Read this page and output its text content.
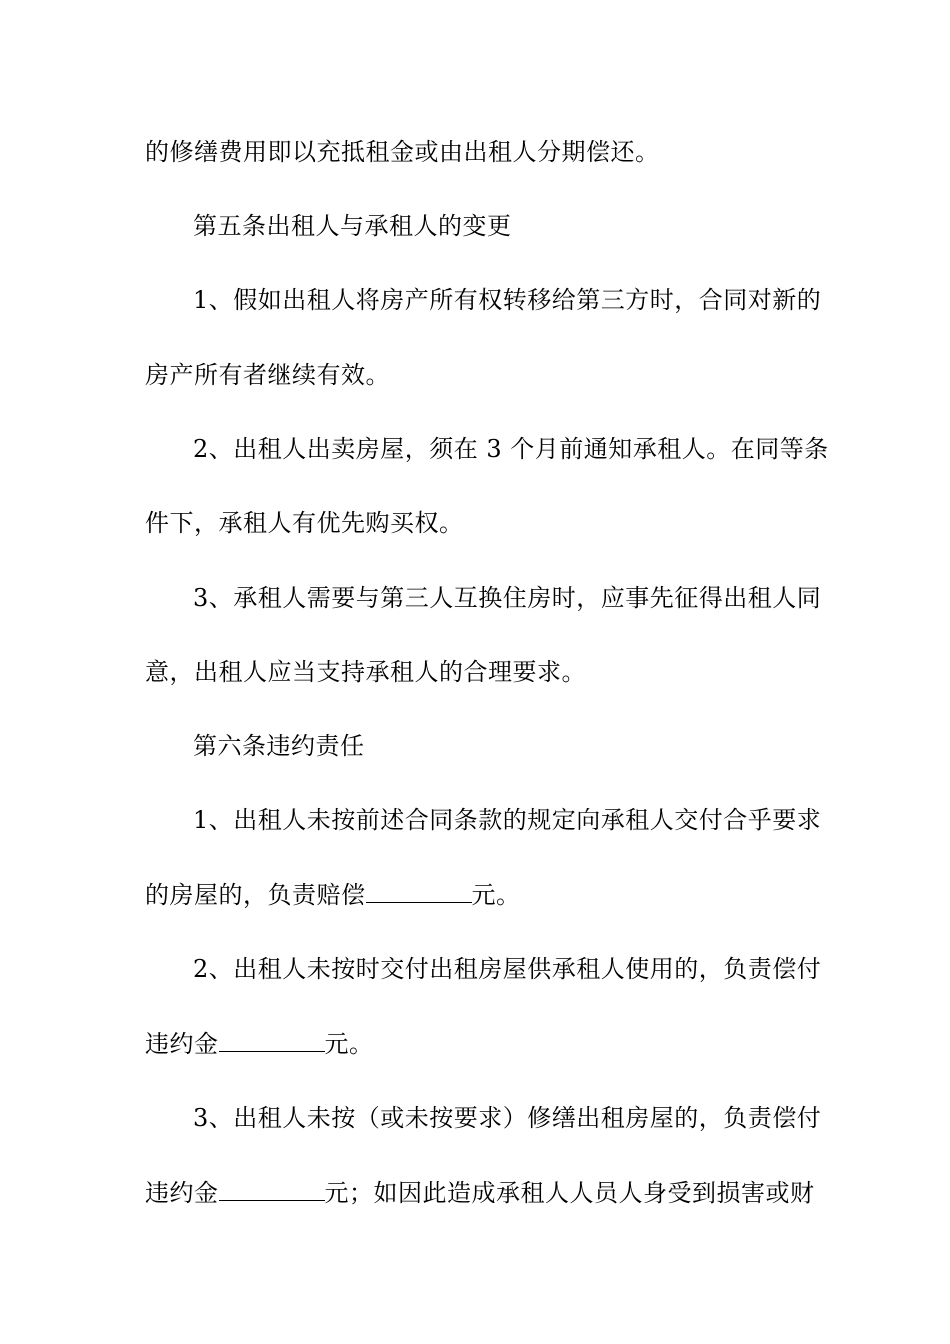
的修缮费用即以充抵租金或由出租人分期偿还。
第五条出租人与承租人的变更
1、假如出租人将房产所有权转移给第三方时，合同对新的
房产所有者继续有效。
2、出租人出卖房屋，须在 3 个月前通知承租人。在同等条
件下，承租人有优先购买权。
3、承租人需要与第三人互换住房时，应事先征得出租人同
意，出租人应当支持承租人的合理要求。
第六条违约责任
1、出租人未按前述合同条款的规定向承租人交付合乎要求
的房屋的，负责赔偿	元。
2、出租人未按时交付出租房屋供承租人使用的，负责偿付
违约金	元。
3、出租人未按（或未按要求）修缮出租房屋的，负责偿付
违约金	元；如因此造成承租人人员人身受到损害或财
